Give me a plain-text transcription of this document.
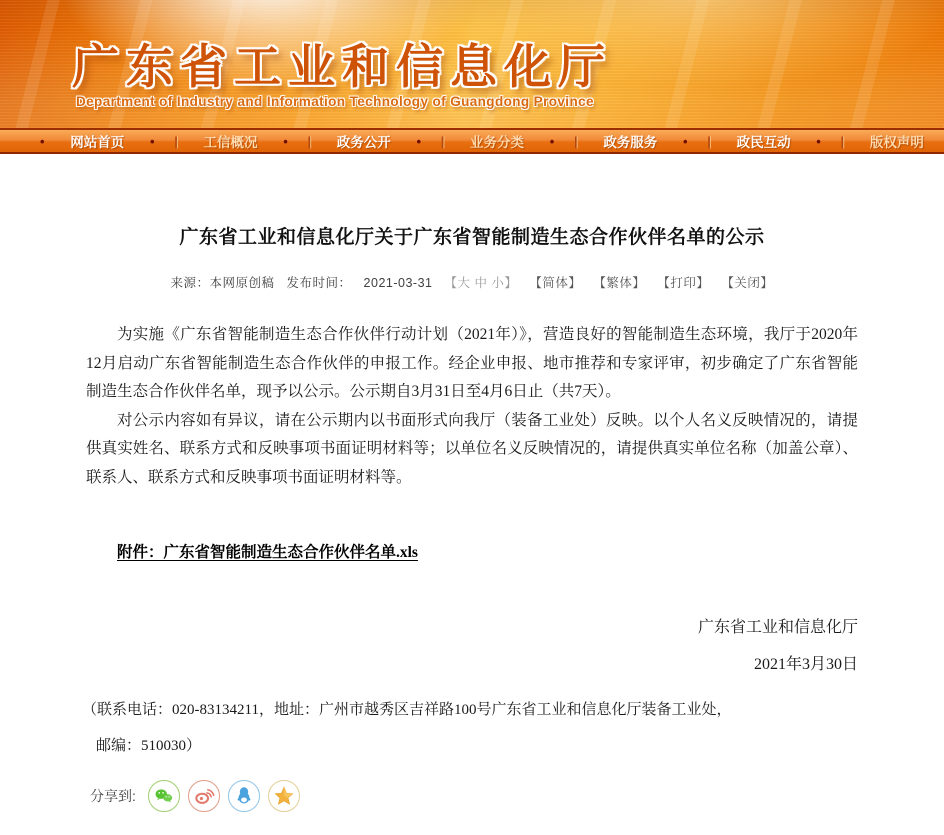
广东省工业和信息化厅
Department of Industry and Information Technology of Guangdong Province
•	网站首页	• |	工信概况	• |	政务公开	• |	业务分类	• |	政务服务	• |	政民互动	• |	版权声明
广东省工业和信息化厅关于广东省智能制造生态合作伙伴名单的公示
来源：本网原创稿 发布时间： 2021-03-31 【大 中 小】 【简体】 【繁体】 【打印】 【关闭】

为实施《广东省智能制造生态合作伙伴行动计划（2021年）》，营造良好的智能制造生态环境，我厅于2020年12月启动广东省智能制造生态合作伙伴的申报工作。经企业申报、地市推荐和专家评审，初步确定了广东省智能制造生态合作伙伴名单，现予以公示。公示期自3月31日至4月6日止（共7天）。

对公示内容如有异议，请在公示期内以书面形式向我厅（装备工业处）反映。以个人名义反映情况的，请提供真实姓名、联系方式和反映事项书面证明材料等；以单位名义反映情况的，请提供真实单位名称（加盖公章）、联系人、联系方式和反映事项书面证明材料等。

附件：广东省智能制造生态合作伙伴名单.xls
广东省工业和信息化厅
2021年3月30日
（联系电话：020-83134211，地址：广州市越秀区吉祥路100号广东省工业和信息化厅装备工业处，
邮编：510030）
分享到:
